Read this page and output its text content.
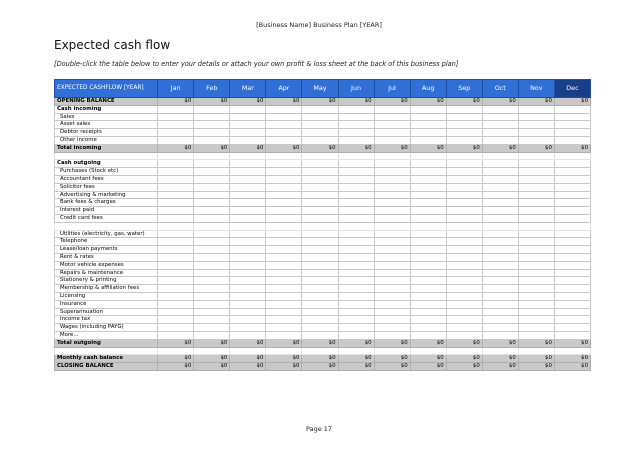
[Business Name] Business Plan [YEAR]
Expected cash flow
[Double-click the table below to enter your details or attach your own profit & loss sheet at the back of this business plan]
EXPECTED CASHFLOW [YEAR]	Jan	Feb	Mar	Apr	May	Jun	Jul	Aug	Sep	Oct	Nov	Dec
OPENING BALANCE	$0	$0	$0	$0	$0	$0	$0	$0	$0	$0	$0	$0
Cash incoming												
Sales												
Asset sales												
Debtor receipts												
Other income												
Total incoming	$0	$0	$0	$0	$0	$0	$0	$0	$0	$0	$0	$0

Cash outgoing												
Purchases (Stock etc)												
Accountant fees												
Solicitor fees												
Advertising & marketing												
Bank fees & charges												
Interest paid												
Credit card fees												

Utilities (electricity, gas, water)												
Telephone												
Lease/loan payments												
Rent & rates												
Motor vehicle expenses												
Repairs & maintenance												
Stationery & printing												
Membership & affiliation fees												
Licensing												
Insurance												
Superannuation												
Income tax												
Wages (including PAYG)												
More...												
Total outgoing	$0	$0	$0	$0	$0	$0	$0	$0	$0	$0	$0	$0

Monthly cash balance	$0	$0	$0	$0	$0	$0	$0	$0	$0	$0	$0	$0
CLOSING BALANCE	$0	$0	$0	$0	$0	$0	$0	$0	$0	$0	$0	$0
Page 17
